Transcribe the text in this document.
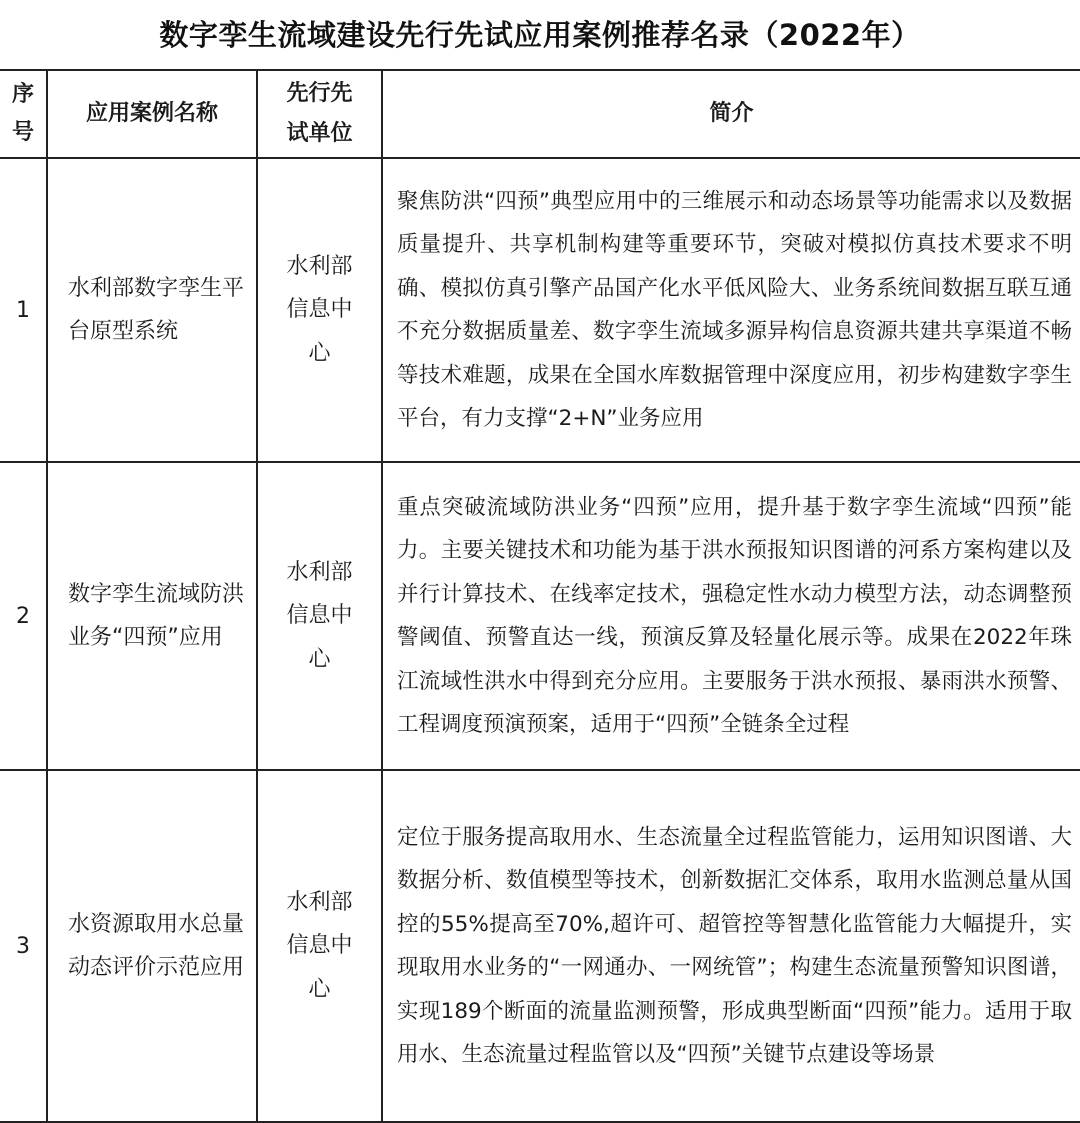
数字孪生流域建设先行先试应用案例推荐名录（2022年）
序号	应用案例名称	先行先试单位	简介
1	水利部数字孪生平台原型系统	水利部信息中心	聚焦防洪“四预”典型应用中的三维展示和动态场景等功能需求以及数据质量提升、共享机制构建等重要环节，突破对模拟仿真技术要求不明确、模拟仿真引擎产品国产化水平低风险大、业务系统间数据互联互通不充分数据质量差、数字孪生流域多源异构信息资源共建共享渠道不畅等技术难题，成果在全国水库数据管理中深度应用，初步构建数字孪生平台，有力支撑“2+N”业务应用
2	数字孪生流域防洪业务“四预”应用	水利部信息中心	重点突破流域防洪业务“四预”应用，提升基于数字孪生流域“四预”能力。主要关键技术和功能为基于洪水预报知识图谱的河系方案构建以及并行计算技术、在线率定技术，强稳定性水动力模型方法，动态调整预警阈值、预警直达一线，预演反算及轻量化展示等。成果在2022年珠江流域性洪水中得到充分应用。主要服务于洪水预报、暴雨洪水预警、工程调度预演预案，适用于“四预”全链条全过程
3	水资源取用水总量动态评价示范应用	水利部信息中心	定位于服务提高取用水、生态流量全过程监管能力，运用知识图谱、大数据分析、数值模型等技术，创新数据汇交体系，取用水监测总量从国控的55%提高至70%,超许可、超管控等智慧化监管能力大幅提升，实现取用水业务的“一网通办、一网统管”；构建生态流量预警知识图谱，实现189个断面的流量监测预警，形成典型断面“四预”能力。适用于取用水、生态流量过程监管以及“四预”关键节点建设等场景
